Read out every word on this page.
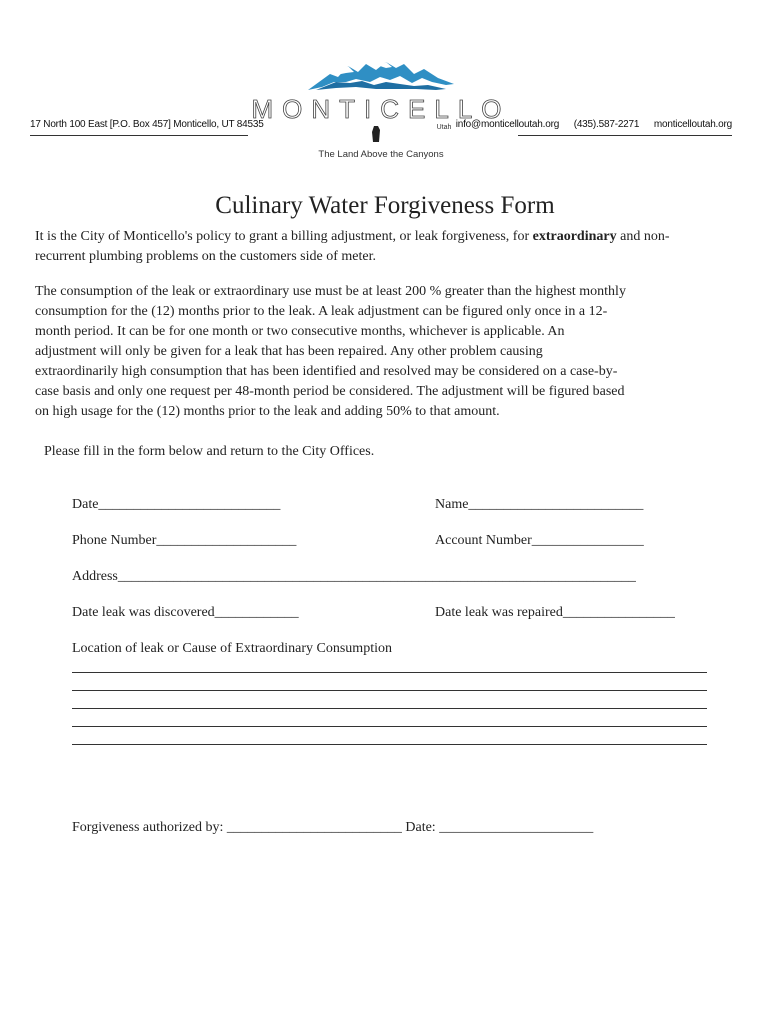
17 North 100 East [P.O. Box 457] Monticello, UT 84535	info@monticelloutah.org (435).587-2271 monticelloutah.org
MONTICELLO
Utah
The Land Above the Canyons
Culinary Water Forgiveness Form
It is the City of Monticello's policy to grant a billing adjustment, or leak forgiveness, for extraordinary and non-recurrent plumbing problems on the customers side of meter.
The consumption of the leak or extraordinary use must be at least 200 % greater than the highest monthly
consumption for the (12) months prior to the leak. A leak adjustment can be figured only once in a 12-
month period. It can be for one month or two consecutive months, whichever is applicable. An
adjustment will only be given for a leak that has been repaired. Any other problem causing
extraordinarily high consumption that has been identified and resolved may be considered on a case-by-
case basis and only one request per 48-month period be considered. The adjustment will be figured based
on high usage for the (12) months prior to the leak and adding 50% to that amount.
Please fill in the form below and return to the City Offices.
Date__________________________	Name_________________________
Phone Number____________________	Account Number________________
Address__________________________________________________________________________
Date leak was discovered____________	Date leak was repaired________________
Location of leak or Cause of Extraordinary Consumption
Forgiveness authorized by: _________________________ Date: ______________________
